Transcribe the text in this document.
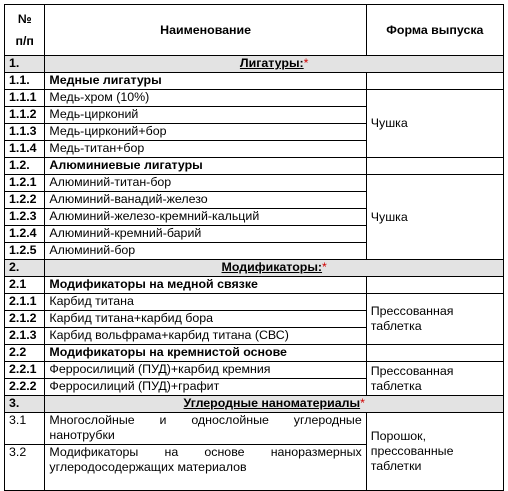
№
п/п	Наименование	Форма выпуска
1.	Лигатуры:*	
1.1.	Медные лигатуры	
1.1.1	Медь-хром (10%)	Чушка
1.1.2	Медь-цирконий	
1.1.3	Медь-цирконий+бор	
1.1.4	Медь-титан+бор	
1.2.	Алюминиевые лигатуры	
1.2.1	Алюминий-титан-бор	Чушка
1.2.2	Алюминий-ванадий-железо	
1.2.3	Алюминий-железо-кремний-кальций	
1.2.4	Алюминий-кремний-барий	
1.2.5	Алюминий-бор	
2.	Модификаторы:*	
2.1	Модификаторы на медной связке	
2.1.1	Карбид титана	Прессованная
таблетка
2.1.2	Карбид титана+карбид бора	
2.1.3	Карбид вольфрама+карбид титана (СВС)	
2.2	Модификаторы на кремнистой основе	
2.2.1	Ферросилиций (ПУД)+карбид кремния	Прессованная
таблетка
2.2.2	Ферросилиций (ПУД)+графит	
3.	Углеродные наноматериалы*	
3.1	Многослойные и однослойные углеродные нанотрубки	Порошок,
прессованные
таблетки
3.2	Модификаторы на основе наноразмерных углеродосодержащих материалов	
